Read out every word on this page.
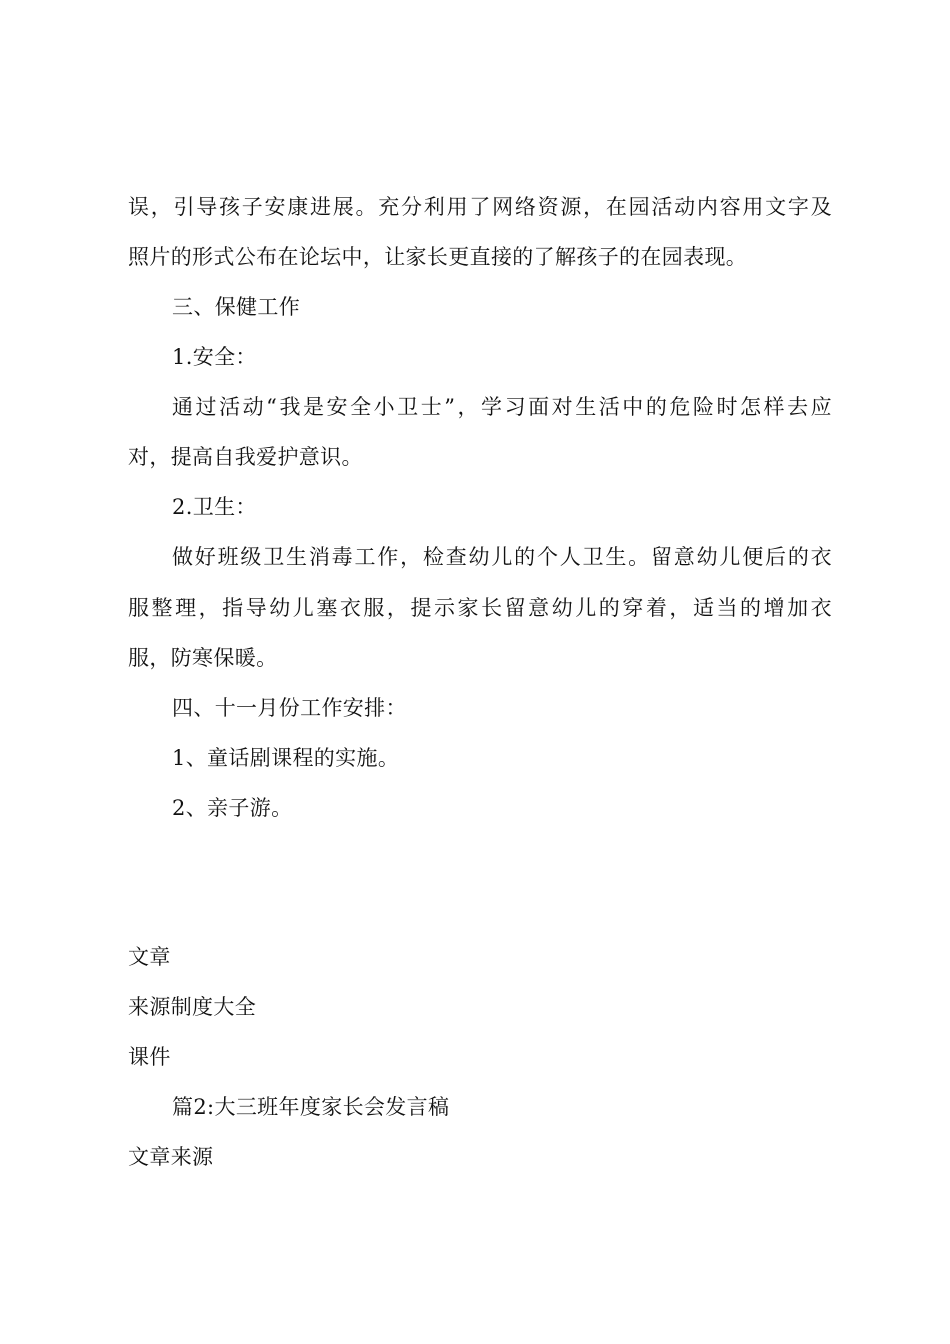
误，引导孩子安康进展。充分利用了网络资源，在园活动内容用文字及
照片的形式公布在论坛中，让家长更直接的了解孩子的在园表现。
三、保健工作
1.安全：
通过活动“我是安全小卫士”，学习面对生活中的危险时怎样去应
对，提高自我爱护意识。
2.卫生：
做好班级卫生消毒工作，检查幼儿的个人卫生。留意幼儿便后的衣
服整理，指导幼儿塞衣服，提示家长留意幼儿的穿着，适当的增加衣
服，防寒保暖。
四、十一月份工作安排：
1、童话剧课程的实施。
2、亲子游。
文章
来源制度大全
课件
篇2:大三班年度家长会发言稿
文章来源
